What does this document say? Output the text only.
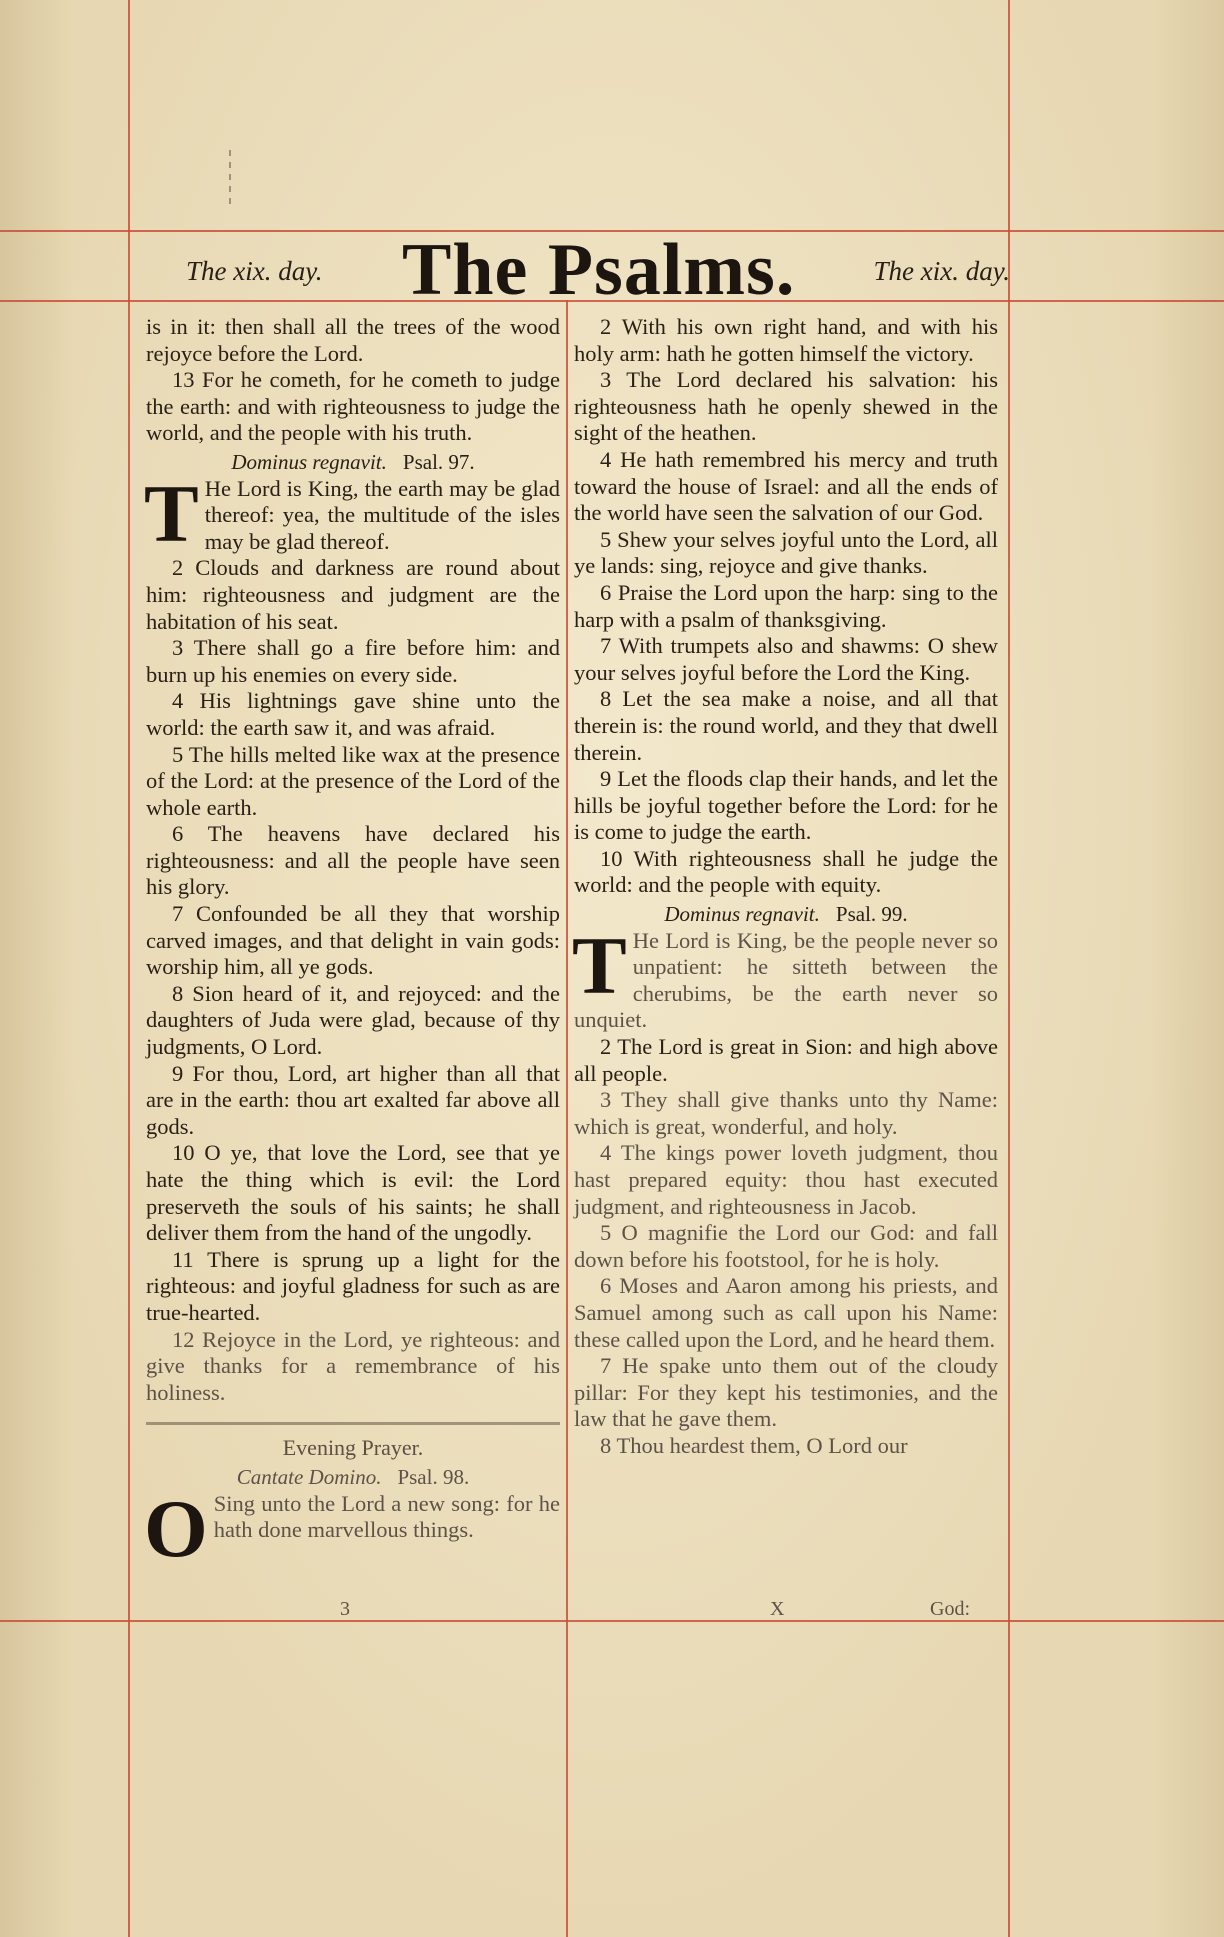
The xix. day. The Psalms.	The xix. day.

is in it: then shall all the trees of the wood rejoyce before the Lord.

13 For he cometh, for he cometh to judge the earth: and with righteousness to judge the world, and the people with his truth.

Dominus regnavit. Psal. 97.

T He Lord is King, the earth may be glad thereof: yea, the multitude of the isles may be glad thereof.

2 Clouds and darkness are round about him: righteousness and judgment are the habitation of his seat.

3 There shall go a fire before him: and burn up his enemies on every side.

4 His lightnings gave shine unto the world: the earth saw it, and was afraid.

5 The hills melted like wax at the presence of the Lord: at the presence of the Lord of the whole earth.

6 The heavens have declared his righteousness: and all the people have seen his glory.

7 Confounded be all they that worship carved images, and that delight in vain gods: worship him, all ye gods.

8 Sion heard of it, and rejoyced: and the daughters of Juda were glad, because of thy judgments, O Lord.

9 For thou, Lord, art higher than all that are in the earth: thou art exalted far above all gods.

10 O ye, that love the Lord, see that ye hate the thing which is evil: the Lord preserveth the souls of his saints; he shall deliver them from the hand of the ungodly.

11 There is sprung up a light for the righteous: and joyful gladness for such as are true-hearted.

12 Rejoyce in the Lord, ye righteous: and give thanks for a remembrance of his holiness.

Evening Prayer.

Cantate Domino. Psal. 98.

O Sing unto the Lord a new song: for he hath done marvellous things.

2 With his own right hand, and with his holy arm: hath he gotten himself the victory.

3 The Lord declared his salvation: his righteousness hath he openly shewed in the sight of the heathen.

4 He hath remembred his mercy and truth toward the house of Israel: and all the ends of the world have seen the salvation of our God.

5 Shew your selves joyful unto the Lord, all ye lands: sing, rejoyce and give thanks.

6 Praise the Lord upon the harp: sing to the harp with a psalm of thanksgiving.

7 With trumpets also and shawms: O shew your selves joyful before the Lord the King.

8 Let the sea make a noise, and all that therein is: the round world, and they that dwell therein.

9 Let the floods clap their hands, and let the hills be joyful together before the Lord: for he is come to judge the earth.

10 With righteousness shall he judge the world: and the people with equity.

Dominus regnavit. Psal. 99.

T He Lord is King, be the people never so unpatient: he sitteth between the cherubims, be the earth never so unquiet.

2 The Lord is great in Sion: and high above all people.

3 They shall give thanks unto thy Name: which is great, wonderful, and holy.

4 The kings power loveth judgment, thou hast prepared equity: thou hast executed judgment, and righteousness in Jacob.

5 O magnifie the Lord our God: and fall down before his footstool, for he is holy.

6 Moses and Aaron among his priests, and Samuel among such as call upon his Name: these called upon the Lord, and he heard them.

7 He spake unto them out of the cloudy pillar: For they kept his testimonies, and the law that he gave them.

8 Thou heardest them, O Lord our

3	X	God:
